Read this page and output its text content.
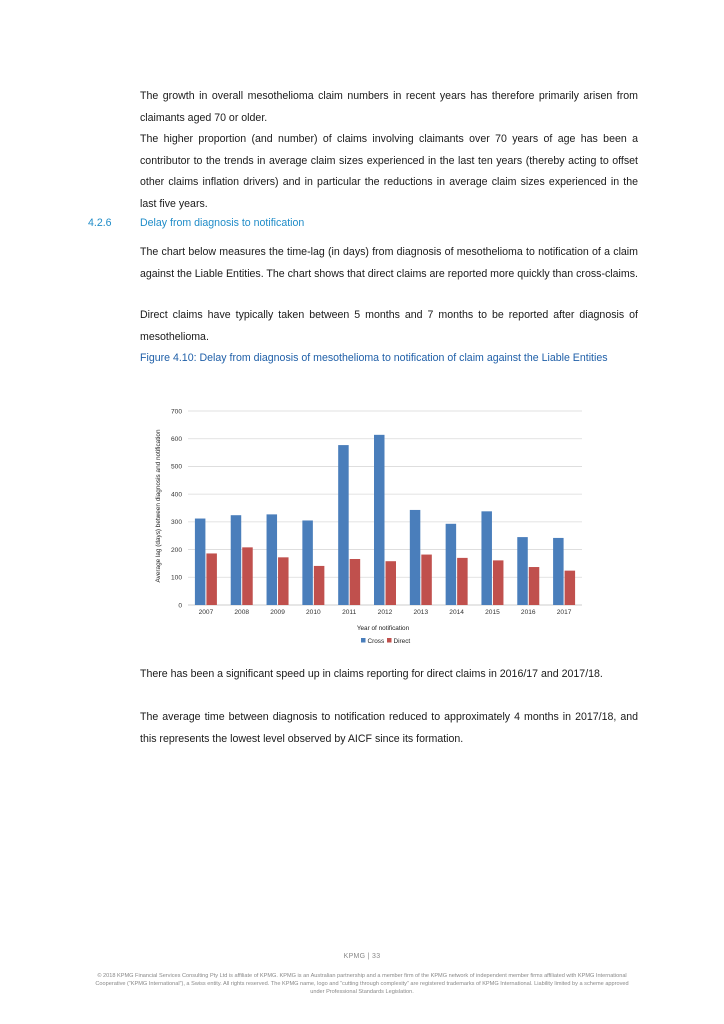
The growth in overall mesothelioma claim numbers in recent years has therefore primarily arisen from claimants aged 70 or older.

The higher proportion (and number) of claims involving claimants over 70 years of age has been a contributor to the trends in average claim sizes experienced in the last ten years (thereby acting to offset other claims inflation drivers) and in particular the reductions in average claim sizes experienced in the last five years.

4.2.6	Delay from diagnosis to notification

The chart below measures the time-lag (in days) from diagnosis of mesothelioma to notification of a claim against the Liable Entities. The chart shows that direct claims are reported more quickly than cross-claims.

Direct claims have typically taken between 5 months and 7 months to be reported after diagnosis of mesothelioma.

Figure 4.10: Delay from diagnosis of mesothelioma to notification of claim against the Liable Entities

0
100
200
300
400
500
600
700
2007	2008	2009	2010	2011	2012	2013	2014	2015	2016	2017
Average lag (days) between diagnosis and notification
Year of notification
Cross Direct

There has been a significant speed up in claims reporting for direct claims in 2016/17 and 2017/18.

The average time between diagnosis to notification reduced to approximately 4 months in 2017/18, and this represents the lowest level observed by AICF since its formation.

KPMG | 33

© 2018 KPMG Financial Services Consulting Pty Ltd is affiliate of KPMG. KPMG is an Australian partnership and a member firm of the KPMG network of independent member firms affiliated with KPMG International Cooperative (“KPMG International”), a Swiss entity. All rights reserved. The KPMG name, logo and “cutting through complexity” are registered trademarks of KPMG International. Liability limited by a scheme approved under Professional Standards Legislation.
